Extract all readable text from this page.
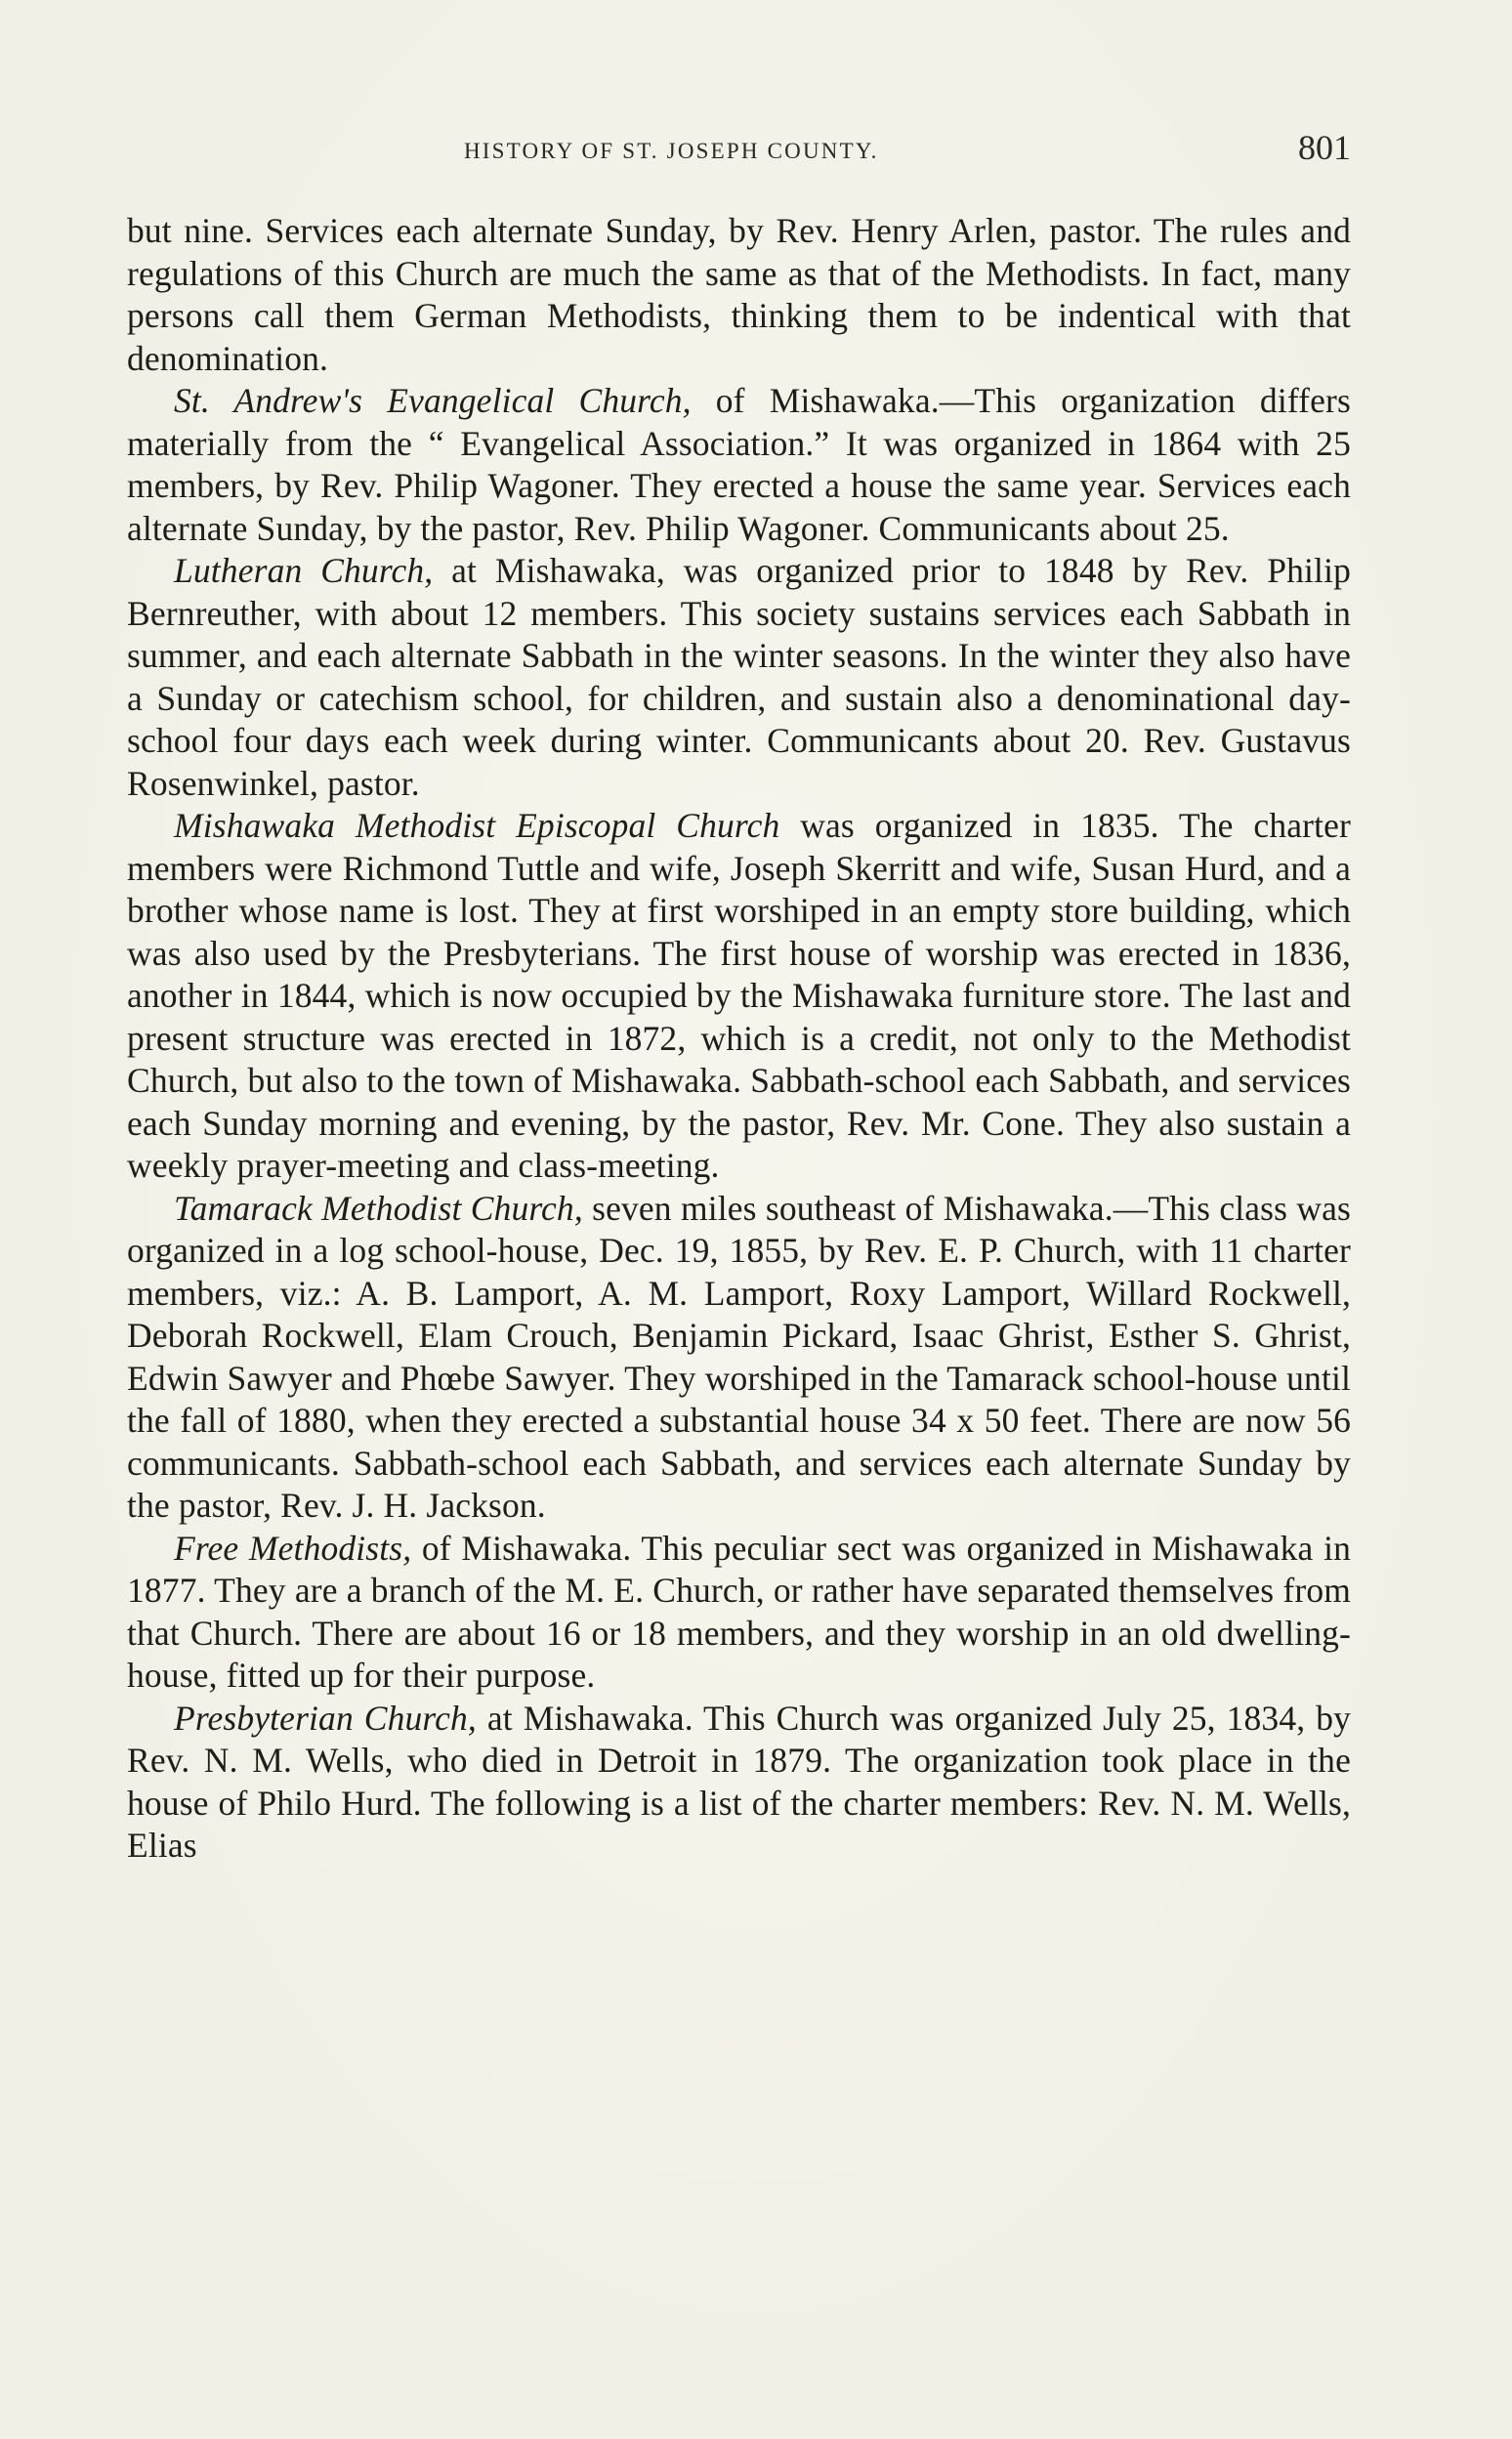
HISTORY OF ST. JOSEPH COUNTY.	801

but nine. Services each alternate Sunday, by Rev. Henry Arlen, pastor. The rules and regulations of this Church are much the same as that of the Methodists. In fact, many persons call them German Methodists, thinking them to be indentical with that denomination.

St. Andrew's Evangelical Church, of Mishawaka.—This organization differs materially from the “ Evangelical Association.” It was organized in 1864 with 25 members, by Rev. Philip Wagoner. They erected a house the same year. Services each alternate Sunday, by the pastor, Rev. Philip Wagoner. Communicants about 25.

Lutheran Church, at Mishawaka, was organized prior to 1848 by Rev. Philip Bernreuther, with about 12 members. This society sustains services each Sabbath in summer, and each alternate Sabbath in the winter seasons. In the winter they also have a Sunday or catechism school, for children, and sustain also a denominational day-school four days each week during winter. Communicants about 20. Rev. Gustavus Rosenwinkel, pastor.

Mishawaka Methodist Episcopal Church was organized in 1835. The charter members were Richmond Tuttle and wife, Joseph Skerritt and wife, Susan Hurd, and a brother whose name is lost. They at first worshiped in an empty store building, which was also used by the Presbyterians. The first house of worship was erected in 1836, another in 1844, which is now occupied by the Mishawaka furniture store. The last and present structure was erected in 1872, which is a credit, not only to the Methodist Church, but also to the town of Mishawaka. Sabbath-school each Sabbath, and services each Sunday morning and evening, by the pastor, Rev. Mr. Cone. They also sustain a weekly prayer-meeting and class-meeting.

Tamarack Methodist Church, seven miles southeast of Mishawaka.—This class was organized in a log school-house, Dec. 19, 1855, by Rev. E. P. Church, with 11 charter members, viz.: A. B. Lamport, A. M. Lamport, Roxy Lamport, Willard Rockwell, Deborah Rockwell, Elam Crouch, Benjamin Pickard, Isaac Ghrist, Esther S. Ghrist, Edwin Sawyer and Phœbe Sawyer. They worshiped in the Tamarack school-house until the fall of 1880, when they erected a substantial house 34 x 50 feet. There are now 56 communicants. Sabbath-school each Sabbath, and services each alternate Sunday by the pastor, Rev. J. H. Jackson.

Free Methodists, of Mishawaka. This peculiar sect was organized in Mishawaka in 1877. They are a branch of the M. E. Church, or rather have separated themselves from that Church. There are about 16 or 18 members, and they worship in an old dwelling-house, fitted up for their purpose.

Presbyterian Church, at Mishawaka. This Church was organized July 25, 1834, by Rev. N. M. Wells, who died in Detroit in 1879. The organization took place in the house of Philo Hurd. The following is a list of the charter members: Rev. N. M. Wells, Elias
